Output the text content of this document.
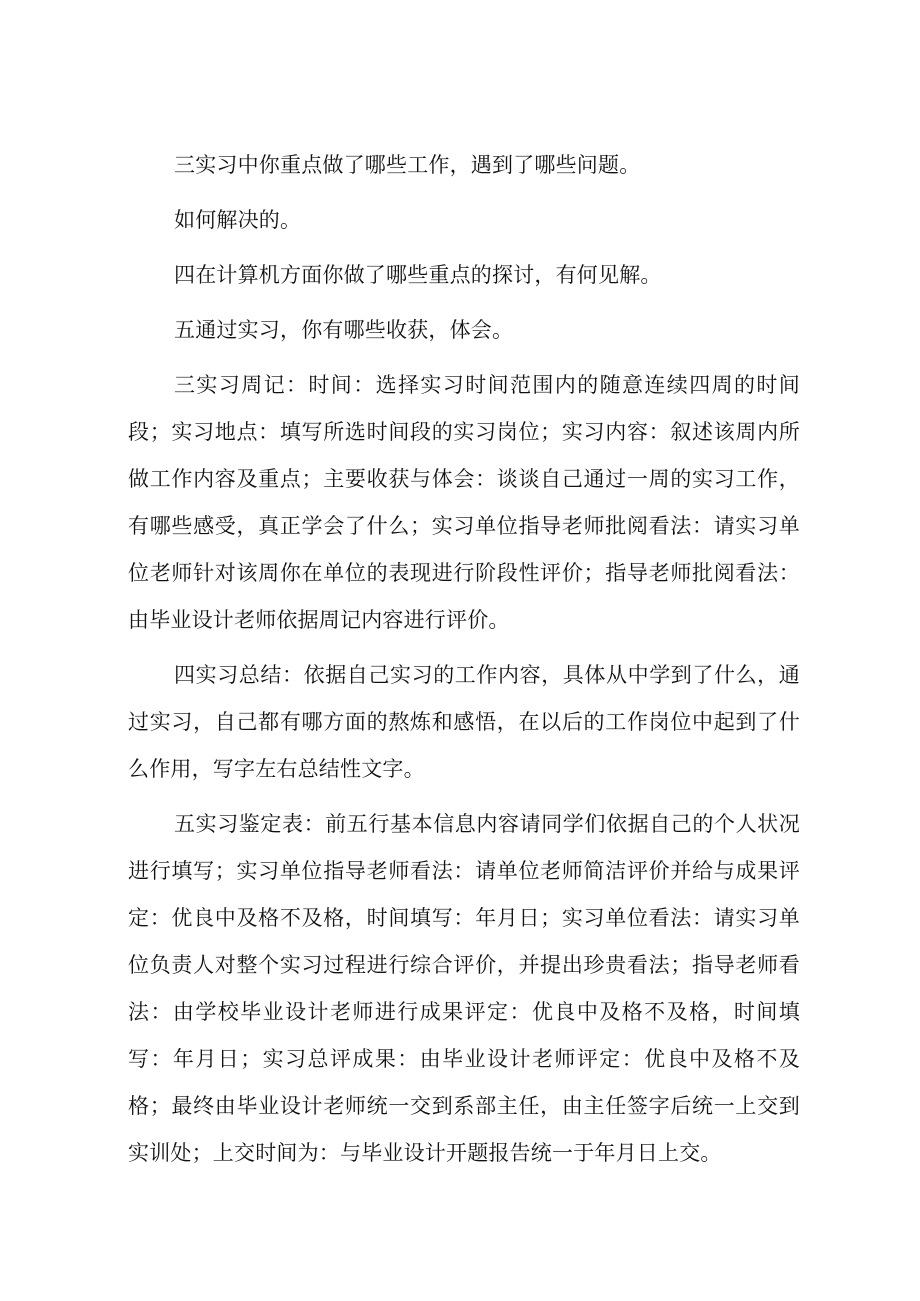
三实习中你重点做了哪些工作，遇到了哪些问题。

如何解决的。

四在计算机方面你做了哪些重点的探讨，有何见解。

五通过实习，你有哪些收获，体会。

三实习周记：时间：选择实习时间范围内的随意连续四周的时间段；实习地点：填写所选时间段的实习岗位；实习内容：叙述该周内所做工作内容及重点；主要收获与体会：谈谈自己通过一周的实习工作，有哪些感受，真正学会了什么；实习单位指导老师批阅看法：请实习单位老师针对该周你在单位的表现进行阶段性评价；指导老师批阅看法：由毕业设计老师依据周记内容进行评价。

四实习总结：依据自己实习的工作内容，具体从中学到了什么，通过实习，自己都有哪方面的熬炼和感悟，在以后的工作岗位中起到了什么作用，写字左右总结性文字。

五实习鉴定表：前五行基本信息内容请同学们依据自己的个人状况进行填写；实习单位指导老师看法：请单位老师简洁评价并给与成果评定：优良中及格不及格，时间填写：年月日；实习单位看法：请实习单位负责人对整个实习过程进行综合评价，并提出珍贵看法；指导老师看法：由学校毕业设计老师进行成果评定：优良中及格不及格，时间填写：年月日；实习总评成果：由毕业设计老师评定：优良中及格不及格；最终由毕业设计老师统一交到系部主任，由主任签字后统一上交到实训处；上交时间为：与毕业设计开题报告统一于年月日上交。
